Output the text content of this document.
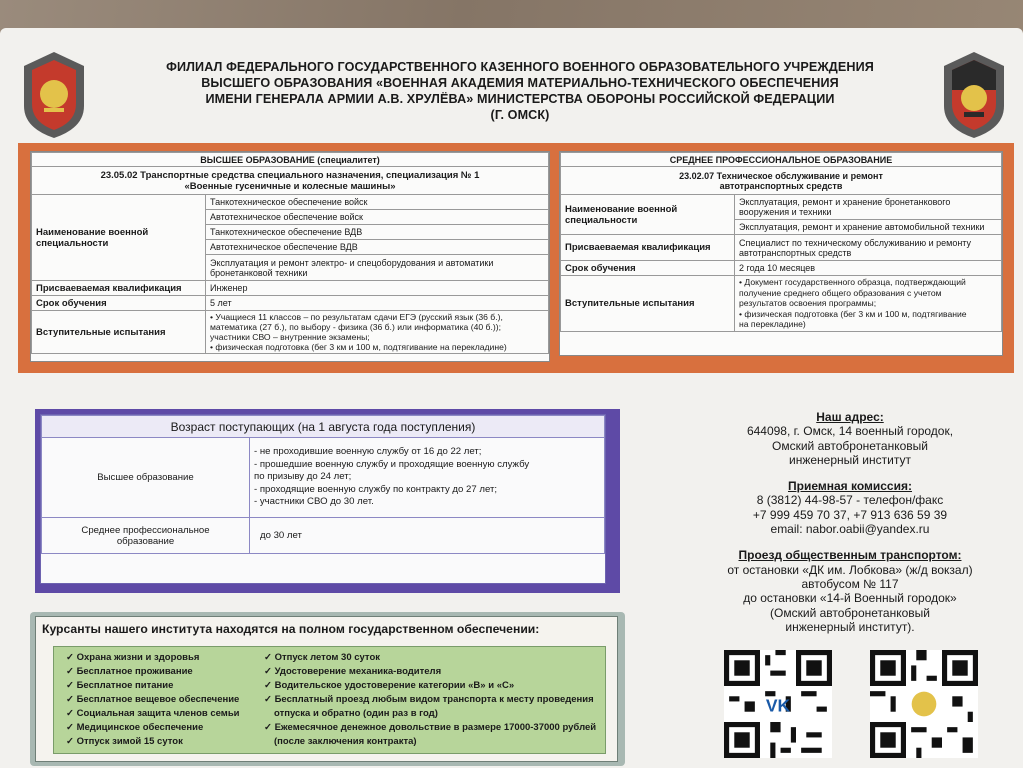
ФИЛИАЛ ФЕДЕРАЛЬНОГО ГОСУДАРСТВЕННОГО КАЗЕННОГО ВОЕННОГО ОБРАЗОВАТЕЛЬНОГО УЧРЕЖДЕНИЯ
ВЫСШЕГО ОБРАЗОВАНИЯ «ВОЕННАЯ АКАДЕМИЯ МАТЕРИАЛЬНО-ТЕХНИЧЕСКОГО ОБЕСПЕЧЕНИЯ
ИМЕНИ ГЕНЕРАЛА АРМИИ А.В. ХРУЛЁВА» МИНИСТЕРСТВА ОБОРОНЫ РОССИЙСКОЙ ФЕДЕРАЦИИ
(Г. ОМСК)
ВЫСШЕЕ ОБРАЗОВАНИЕ (специалитет)	

23.05.02 Транспортные средства специального назначения, специализация № 1
«Военные гусеничные и колесные машины»	

Наименование военной специальности	Танкотехническое обеспечение войск
	Автотехническое обеспечение войск
	Танкотехническое обеспечение ВДВ
	Автотехническое обеспечение ВДВ

	Эксплуатация и ремонт электро- и спецоборудования и автоматики
бронетанковой техники

Присваеваемая квалификация	Инженер
Срок обучения	5 лет
Вступительные испытания	• Учащиеся 11 классов – по результатам сдачи ЕГЭ (русский язык (36 б.),
математика (27 б.), по выбору - физика (36 б.) или информатика (40 б.));
участники СВО – внутренние экзамены;
• физическая подготовка (бег 3 км и 100 м, подтягивание на перекладине)
СРЕДНЕЕ ПРОФЕССИОНАЛЬНОЕ ОБРАЗОВАНИЕ	

23.02.07 Техническое обслуживание и ремонт
автотранспортных средств	

Наименование военной специальности	Эксплуатация, ремонт и хранение бронетанкового
вооружения и техники

	Эксплуатация, ремонт и хранение автомобильной техники
Присваеваемая квалификация	Специалист по техническому обслуживанию и ремонту
автотранспортных средств

Срок обучения	2 года 10 месяцев
Вступительные испытания	• Документ государственного образца, подтверждающий
получение среднего общего образования с учетом
результатов освоения программы;
• физическая подготовка (бег 3 км и 100 м, подтягивание
на перекладине)
Возраст поступающих (на 1 августа года поступления)	
Высшее образование	- не проходившие военную службу от 16 до 22 лет;
- прошедшие военную службу и проходящие военную службу
по призыву до 24 лет;
- проходящие военную службу по контракту до 27 лет;
- участники СВО до 30 лет.

Среднее профессиональное
образование	до 30 лет
Курсанты нашего института находятся на полном государственном обеспечении:
✓ Охрана жизни и здоровья
✓ Бесплатное проживание
✓ Бесплатное питание
✓ Бесплатное вещевое обеспечение
✓ Социальная защита членов семьи
✓ Медицинское обеспечение
✓ Отпуск зимой 15 суток
✓ Отпуск летом 30 суток
✓ Удостоверение механика-водителя
✓ Водительское удостоверение категории «В» и «С»
✓ Бесплатный проезд любым видом транспорта к месту проведения
отпуска и обратно (один раз в год)
✓ Ежемесячное денежное довольствие в размере 17000-37000 рублей
(после заключения контракта)
Наш адрес:
644098, г. Омск, 14 военный городок,
Омский автобронетанковый
инженерный институт
Приемная комиссия:
8 (3812) 44-98-57 - телефон/факс
+7 999 459 70 37, +7 913 636 59 39
email: nabor.oabii@yandex.ru
Проезд общественным транспортом:
от остановки «ДК им. Лобкова» (ж/д вокзал)
автобусом № 117
до остановки «14-й Военный городок»
(Омский автобронетанковый
инженерный институт).
VK
